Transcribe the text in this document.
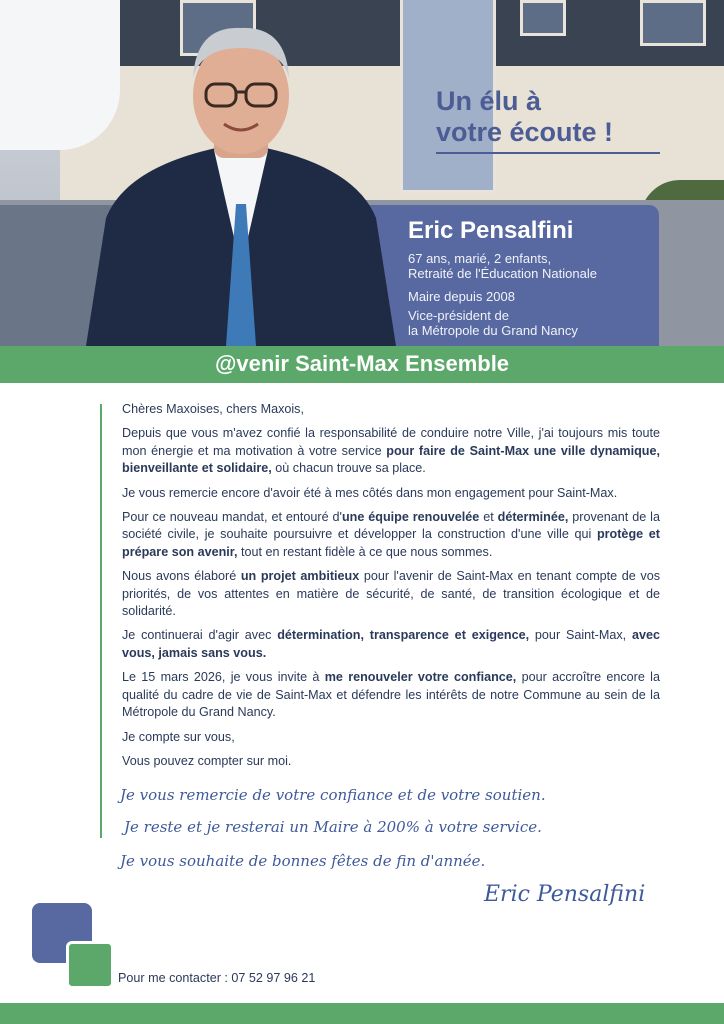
Un élu à
votre écoute !
Eric Pensalfini
67 ans, marié, 2 enfants,
Retraité de l'Éducation Nationale
Maire depuis 2008
Vice-président de
la Métropole du Grand Nancy
@venir Saint-Max Ensemble

Chères Maxoises, chers Maxois,

Depuis que vous m'avez confié la responsabilité de conduire notre Ville, j'ai toujours mis toute mon énergie et ma motivation à votre service pour faire de Saint-Max une ville dynamique, bienveillante et solidaire, où chacun trouve sa place.

Je vous remercie encore d'avoir été à mes côtés dans mon engagement pour Saint-Max.

Pour ce nouveau mandat, et entouré d'une équipe renouvelée et déterminée, provenant de la société civile, je souhaite poursuivre et développer la construction d'une ville qui protège et prépare son avenir, tout en restant fidèle à ce que nous sommes.

Nous avons élaboré un projet ambitieux pour l'avenir de Saint-Max en tenant compte de vos priorités, de vos attentes en matière de sécurité, de santé, de transition écologique et de solidarité.

Je continuerai d'agir avec détermination, transparence et exigence, pour Saint-Max, avec vous, jamais sans vous.

Le 15 mars 2026, je vous invite à me renouveler votre confiance, pour accroître encore la qualité du cadre de vie de Saint-Max et défendre les intérêts de notre Commune au sein de la Métropole du Grand Nancy.

Je compte sur vous,

Vous pouvez compter sur moi.

Je vous remercie de votre confiance et de votre soutien.
Je reste et je resterai un Maire à 200% à votre service.
Je vous souhaite de bonnes fêtes de fin d'année.
Eric Pensalfini
Pour me contacter : 07 52 97 96 21
